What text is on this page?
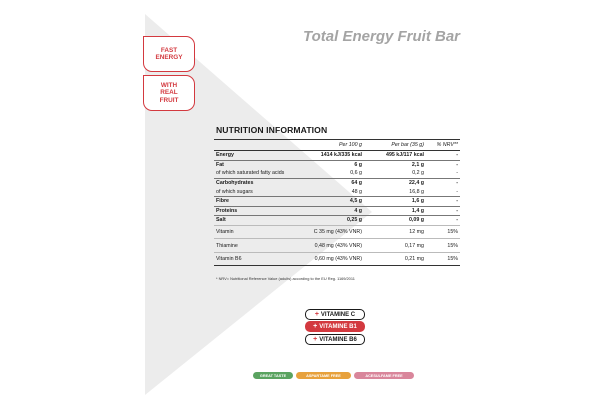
FAST
ENERGY
WITH
REAL
FRUIT
Total Energy Fruit Bar
NUTRITION INFORMATION
	Per 100 g	Per bar (35 g)	% NRV**
Energy	1414 kJ/335 kcal	495 kJ/117 kcal	-
Fat	6 g	2,1 g	-
of which saturated fatty acids	0,6 g	0,2 g	-
Carbohydrates	64 g	22,4 g	-
of which sugars	48 g	16,8 g	-
Fibre	4,5 g	1,6 g	-
Proteins	4 g	1,4 g	-
Salt	0,25 g	0,09 g	-
Vitamin	C 35 mg (43% VNR)	12 mg	15%
Thiamine	0,48 mg (43% VNR)	0,17 mg	15%
Vitamin B6	0,60 mg (43% VNR)	0,21 mg	15%
* NRV= Nutritional Reference Value (adults) according to the EU Reg. 1169/2011
+ VITAMINE C
+ VITAMINE B1
+ VITAMINE B6
GREAT TASTE	ASPARTAME FREE	ACESULFAME FREE
